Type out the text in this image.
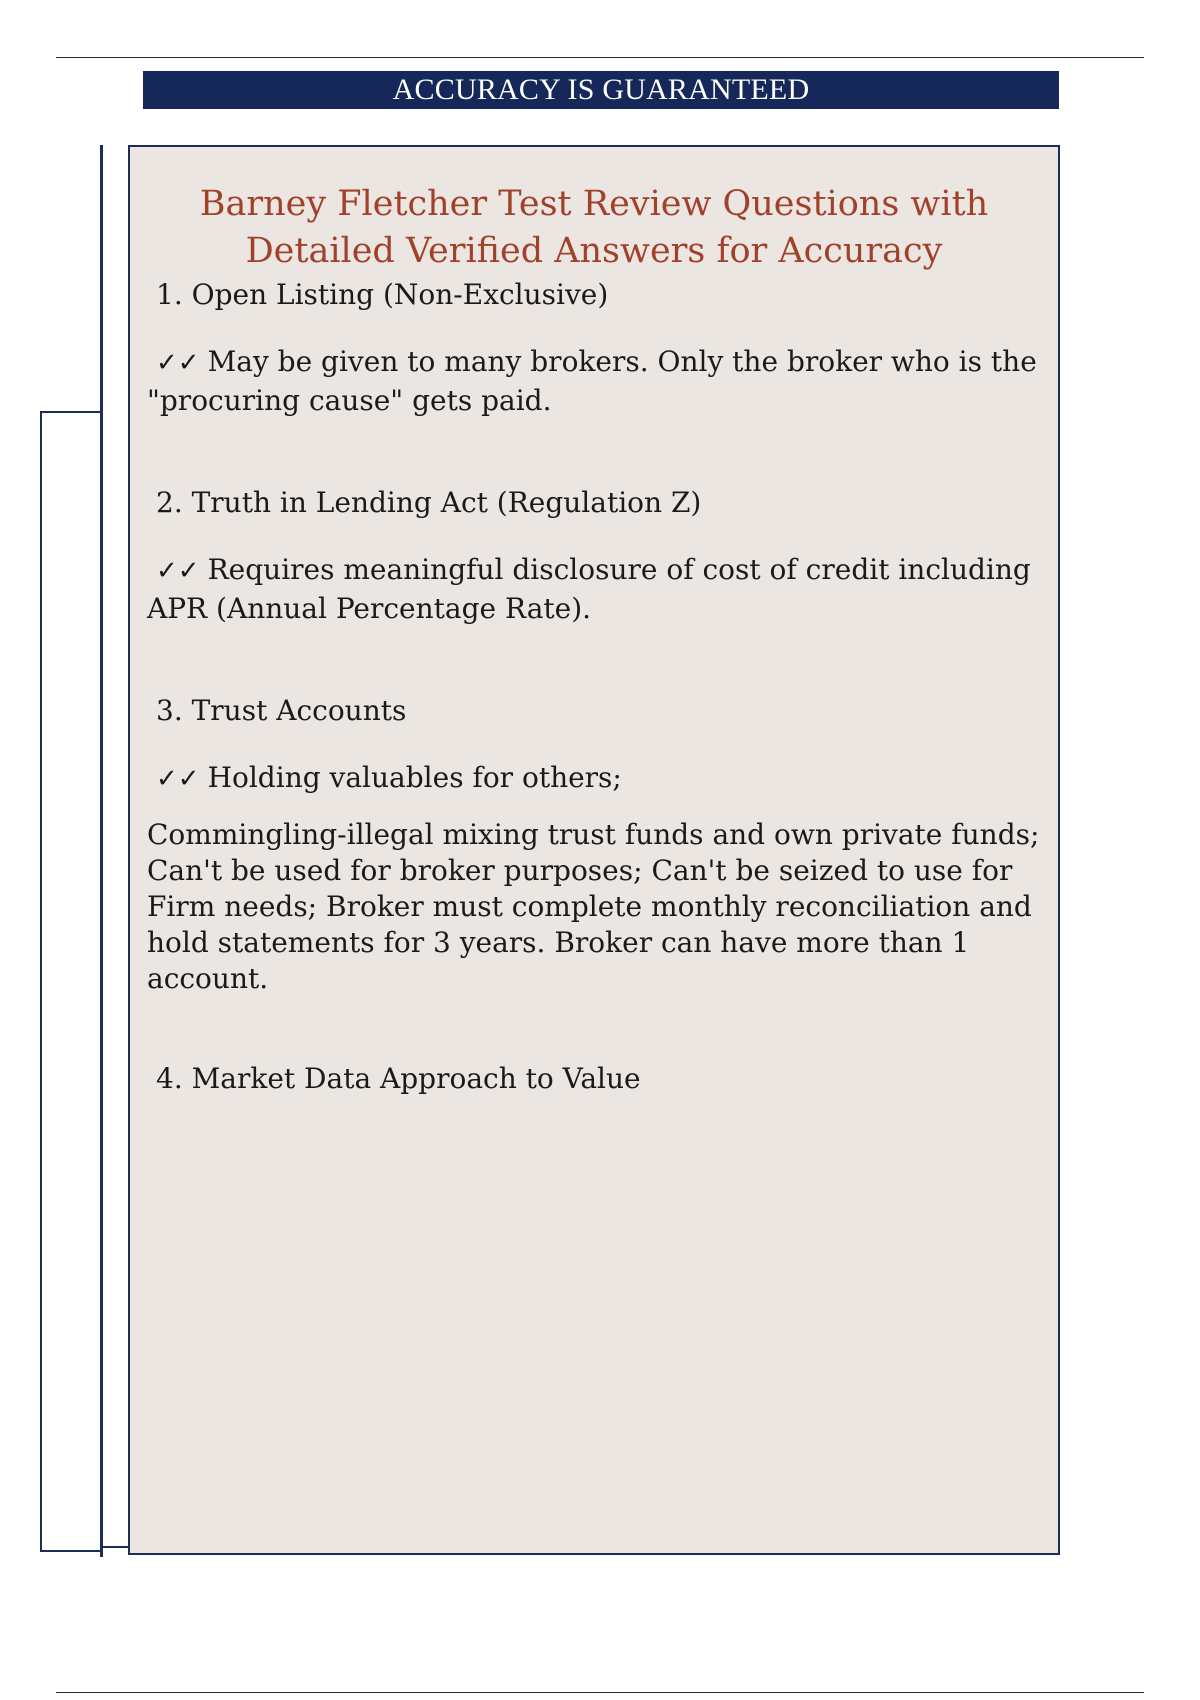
ACCURACY IS GUARANTEED
Barney Fletcher Test Review Questions with
Detailed Verified Answers for Accuracy
1. Open Listing (Non-Exclusive)
✓✓ May be given to many brokers. Only the broker who is the "procuring cause" gets paid.
2. Truth in Lending Act (Regulation Z)
✓✓ Requires meaningful disclosure of cost of credit including APR (Annual Percentage Rate).
3. Trust Accounts
✓✓ Holding valuables for others;
Commingling-illegal mixing trust funds and own private funds; Can't be used for broker purposes; Can't be seized to use for Firm needs; Broker must complete monthly reconciliation and hold statements for 3 years. Broker can have more than 1 account.
4. Market Data Approach to Value
